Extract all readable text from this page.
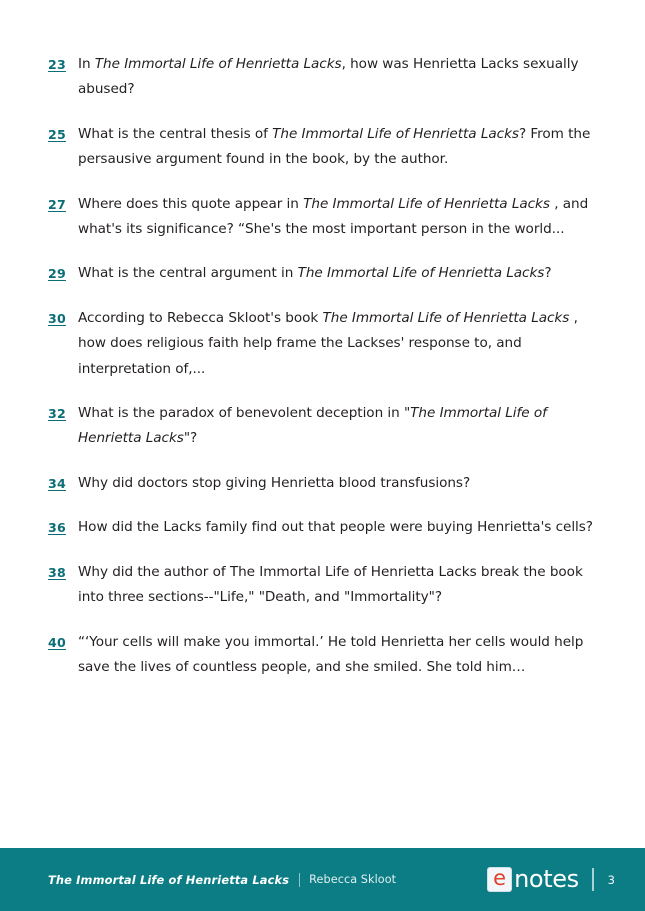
23 In The Immortal Life of Henrietta Lacks, how was Henrietta Lacks sexually abused?
25 What is the central thesis of The Immortal Life of Henrietta Lacks? From the persausive argument found in the book, by the author.
27 Where does this quote appear in The Immortal Life of Henrietta Lacks , and what's its significance? “She's the most important person in the world...
29 What is the central argument in The Immortal Life of Henrietta Lacks?
30 According to Rebecca Skloot's book The Immortal Life of Henrietta Lacks , how does religious faith help frame the Lackses' response to, and interpretation of,...
32 What is the paradox of benevolent deception in "The Immortal Life of Henrietta Lacks"?
34 Why did doctors stop giving Henrietta blood transfusions?
36 How did the Lacks family find out that people were buying Henrietta's cells?
38 Why did the author of The Immortal Life of Henrietta Lacks break the book into three sections--"Life," "Death, and "Immortality"?
40 “‘Your cells will make you immortal.’ He told Henrietta her cells would help save the lives of countless people, and she smiled. She told him…
The Immortal Life of Henrietta Lacks Rebecca Skloot	e notes	3
